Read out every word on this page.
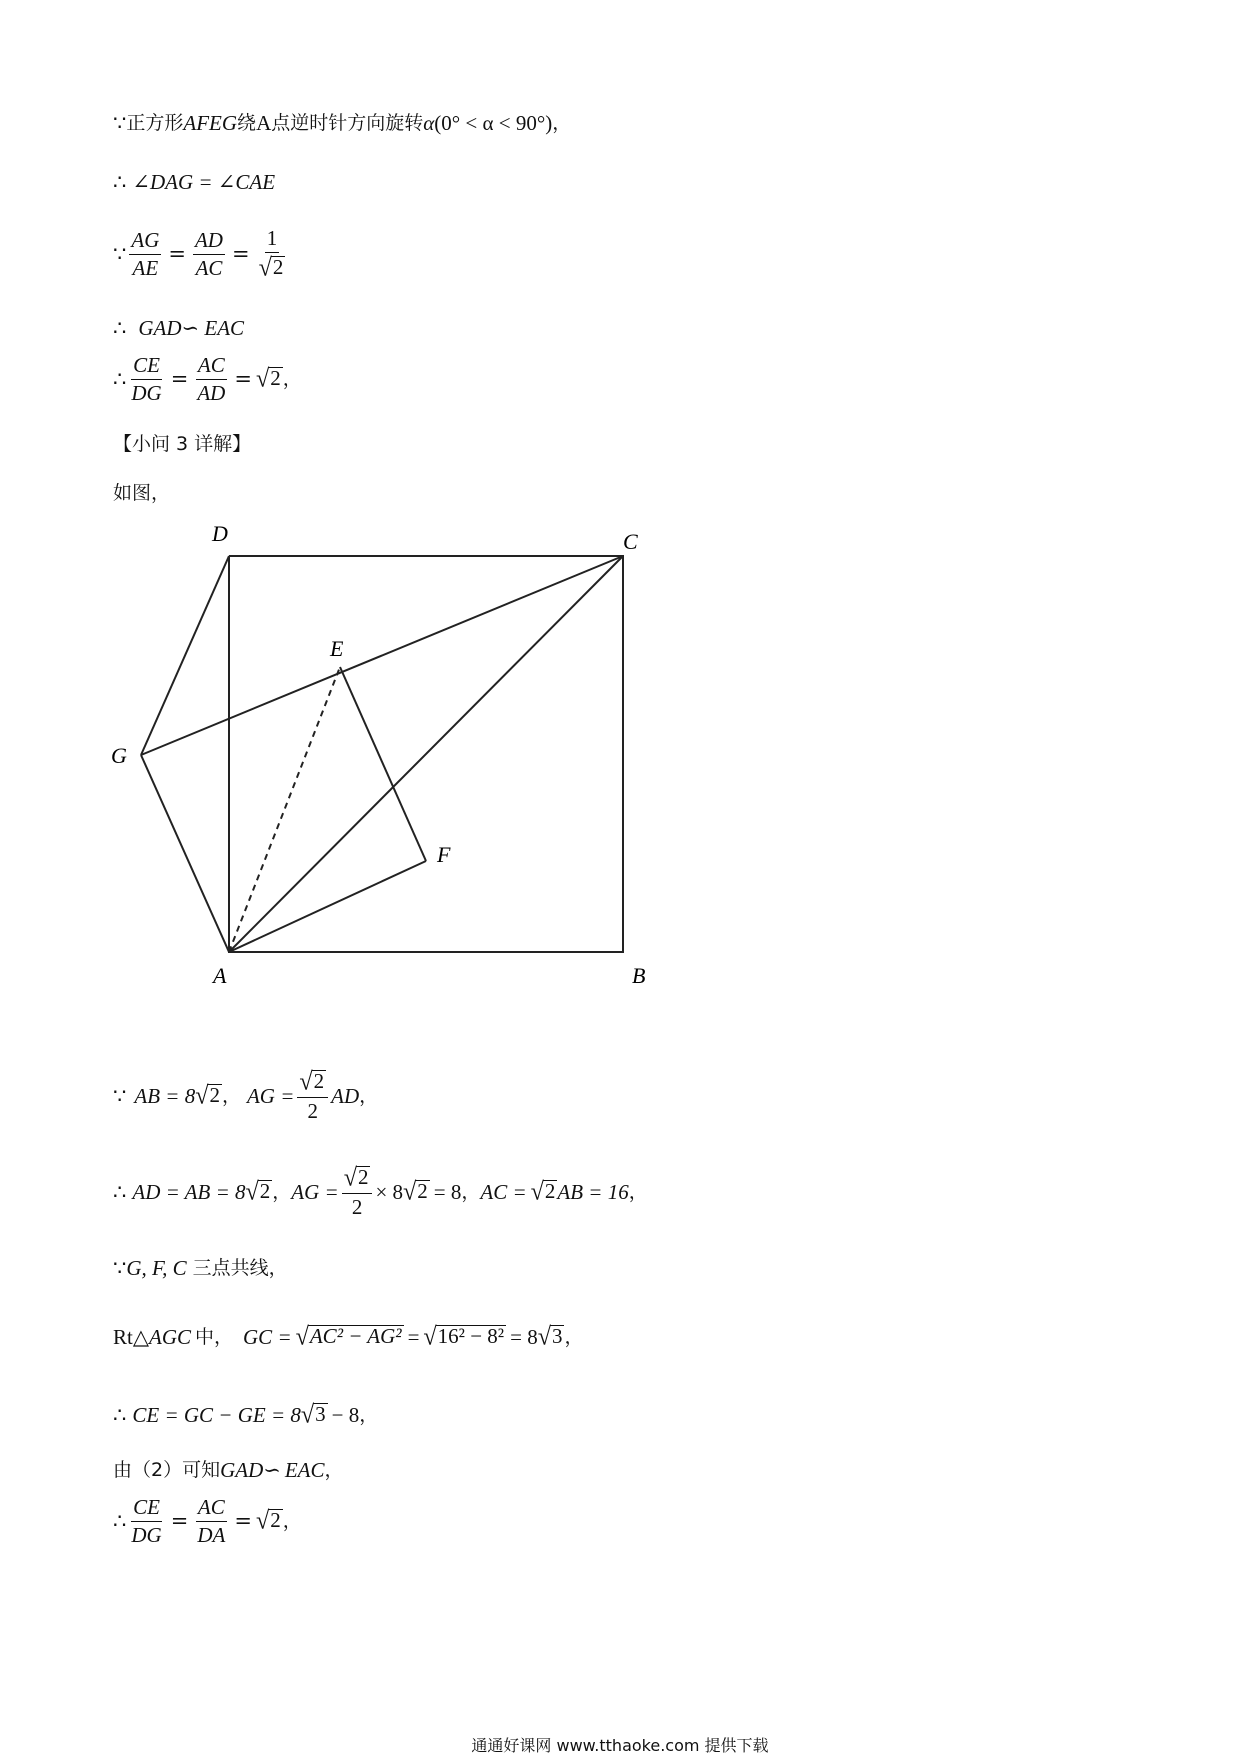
∵ 正方形 AFEG 绕 A 点逆时针方向旋转 α (0° < α < 90°) ，
∴ ∠DAG = ∠CAE
∵ $\frac{AG}{AE} = \frac{AD}{AC} = \frac{1}{√ 2}$
∴ GAD∽ EAC
∴ $\frac{CE}{DG} = \frac{AC}{AD}$ = √ 2 ，
【小问 3 详解】
如图，
D	C
E
G
F
A	B
∵ AB = 8 √ 2 ， AG = $\frac{√ 2}{2}$ AD ，
∴ AD = AB = 8 √ 2 ， AG = $\frac{√ 2}{2} \times 8$ √ 2 = 8 ， AC = √ 2 AB = 16 ，
∵ G, F, C 三点共线，
Rt△ AGC 中， GC = √ AC² − AG² = √ 16² − 8² = 8 √ 3 ，
∴ CE = GC − GE = 8 √ 3 − 8 ，
由（2）可知 GAD∽ EAC ，
∴ $\frac{CE}{DG} = \frac{AC}{DA}$ = √ 2 ，
通通好课网 www.tthaoke.com 提供下载
